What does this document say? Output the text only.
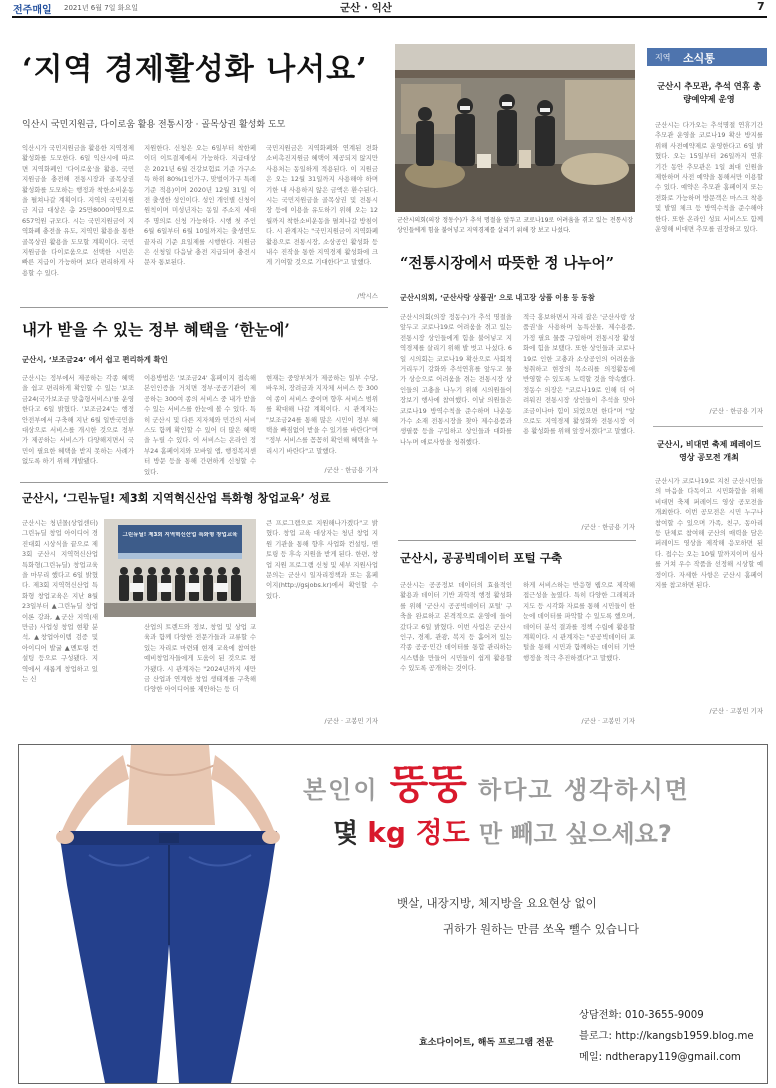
전주매일 2021년 6월 7일 화요일	군산 · 익산	7
‘지역 경제활성화 나서요’
익산시 국민지원금, 다이로움 활용 전통시장 · 골목상권 활성화 도모
익산시가 국민지원금을 활용한 지역경제 활성화를 도모한다. 6일 익산시에 따르면 지역화폐인 '다이로움'을 활용, 국민지원금을 충전해 전통시장과 골목상권 활성화를 도모하는 행정과 착한소비운동을 펼쳐나갈 계획이다. 지역의 국민지원금 지급 대상은 총 25만8000여명으로 657억원 규모다. 시는 국민지원금이 지역화폐 충전을 유도, 지역민 활용을 통한 골목상권 활용을 도모할 계획이다. 국민지원금을 다이로움으로 선택한 시민은 빠른 지급이 가능하며 보다 편리하게 사용할 수 있다.
지원한다. 신청은 오는 6일부터 착한페이더 이트결제에서 가능하다. 지급대상은 2021년 6월 건강보험료 기준 가구소득 하위 80%(1인가구, 맞벌이가구 특례기준 적용)이며 2020년 12월 31일 이전 출생한 성인이다. 성인 개인별 신청이 원칙이며 미성년자는 동일 주소지 세대주 명의로 신청 가능하다. 시행 첫 주인 6월 6일부터 6월 10일까지는 출생연도 끝자리 기준 요일제를 시행한다. 지원금은 신청일 다음날 충전 지급되며 충전시 문자 통보된다.
국민지원금은 지역화폐와 연계된 전화 소비촉진지원금 혜택이 제공되지 않지만 사용처는 동일하게 적용된다. 이 지원금은 오는 12월 31일까지 사용해야 하며 기한 내 사용하지 않은 금액은 환수된다. 시는 국민지원금을 골목상권 및 전통시장 등에 이용을 유도하기 위해 오는 12월까지 착한소비운동을 펼쳐나갈 방침이다. 시 관계자는 "국민지원금이 지역화폐 활용으로 전통시장, 소상공인 활성화 등 내수 진작을 통한 지역경제 활성화에 크게 기여할 것으로 기대한다"고 말했다.
/박시스
군산시의회(의장 정동수)가 추석 명절을 앞두고 코로나19로 어려움을 겪고 있는 전통시장 상인들에게 힘을 불어넣고 지역경제를 살리기 위해 장 보고 나섰다.
“전통시장에서 따뜻한 정 나누어”
군산시의회, ‘군산사랑 상품권’ 으로 내고장 상품 이용 등 동참
군산시의회(의장 정동수)가 추석 명절을 앞두고 코로나19로 어려움을 겪고 있는 전통시장 상인들에게 힘을 불어넣고 지역경제를 살리기 위해 발 벗고 나섰다. 6일 시의회는 코로나19 확산으로 사회적 거리두기 강화와 추석연휴를 앞두고 물가 상승으로 어려움을 겪는 전통시장 상인들의 고충을 나누기 위해 시의원들이 장보기 행사에 참여했다. 이날 의원들은 코로나19 방역수칙을 준수하며 나운동 가수 소재 전통시장을 찾아 제수용품과 생필품 등을 구입하고 상인들과 대화를 나누며 애로사항을 청취했다.
적극 홍보하면서 자리 잡은 '군산사랑 상품권'을 사용하며 농특산물, 제수용품, 가정 필요 물품 구입하며 전통시장 활성화에 힘을 보탰다. 또한 상인들과 코로나19로 인한 고충과 소상공인의 어려움을 청취하고 현장의 목소리를 의정활동에 반영할 수 있도록 노력할 것을 약속했다. 정동수 의장은 "코로나19로 인해 더 어려워진 전통시장 상인들이 추석을 맞아 조금이나마 힘이 되었으면 한다"며 "앞으로도 지역경제 활성화와 전통시장 이용 활성화를 위해 앞장서겠다"고 말했다.
/군산 · 한금용 기자
내가 받을 수 있는 정부 혜택을 ‘한눈에’
군산시, ‘보조금24’ 에서 쉽고 편리하게 확인
군산시는 정부에서 제공하는 각종 혜택을 쉽고 편리하게 확인할 수 있는 '보조금24(국가보조금 맞춤형서비스)'를 운영한다고 6일 밝혔다. '보조금24'는 행정안전부에서 구축해 지난 6월 일반국민을 대상으로 서비스를 개시한 것으로 정부가 제공하는 서비스가 다양해지면서 국민이 필요한 혜택을 받지 못하는 사례가 없도록 하기 위해 개발됐다.
이용방법은 '보조금24' 홈페이지 접속해 본인인증을 거치면 정부·공공기관이 제공하는 300여 종의 서비스 중 내가 받을 수 있는 서비스를 한눈에 볼 수 있다. 특히 군산시 및 다른 지자체와 민간의 서비스도 함께 확인할 수 있어 더 많은 혜택을 누릴 수 있다. 이 서비스는 온라인 정부24 홈페이지와 모바일 앱, 행정복지센터 방문 등을 통해 간편하게 신청할 수 있다.
현재는 중앙부처가 제공하는 일부 수당, 바우처, 장려금과 지자체 서비스 등 300여 종이 서비스 중이며 향후 서비스 범위를 확대해 나갈 계획이다. 시 관계자는 "보조금24를 통해 많은 시민이 정부 혜택을 빠짐없이 받을 수 있기를 바란다"며 "정부 서비스를 꼼꼼히 확인해 혜택을 누리시기 바란다"고 말했다.
/군산 · 한금용 기자
군산시, ‘그린뉴딜! 제3회 지역혁신산업 특화형 창업교육’ 성료
군산시는 청년몰(상업센터) 그린뉴딜 창업 아이디어 경진대회 시상식을 끝으로 제3회 군산시 지역혁신산업 특화형(그린뉴딜) 창업교육을 마무리 했다고 6일 밝혔다. 제3회 지역혁신산업 특화형 창업교육은 지난 8월 23일부터 ▲그린뉴딜 창업이론 강좌, ▲군산 지역(새만금) 사업성 창업 현황 분석, ▲창업아이템 검증 및 아이디어 발굴 ▲멘토링 컨설팅 등으로 구성됐다. 지역에서 새롭게 창업하고 있는 신
그린뉴딜! 제3회 지역혁신산업 특화형 창업교육
산업의 트렌드와 정보, 창업 및 상업 교육과 함께 다양한 전문가들과 교류할 수 있는 자리로 마련돼 현재 교육에 참여한 예비창업자들에게 도움이 된 것으로 평가됐다. 시 관계자는 "2024년까지 새만금 산업과 연계한 창업 생태계를 구축해 다양한 아이디어를 제안하는 등 더
큰 프로그램으로 지원해나가겠다"고 밝혔다. 창업 교육 대상자는 청년 창업 지원 기관을 통해 향후 사업화 컨설팅, 멘토링 등 후속 지원을 받게 된다. 한편, 창업 지원 프로그램 신청 및 세부 지원사업 문의는 군산시 일자리정책과 또는 홈페이지(http://gsjobs.kr)에서 확인할 수 있다.
/군산 · 고봉민 기자
군산시, 공공빅데이터 포털 구축
군산시는 공공정보 데이터의 효율적인 활용과 데이터 기반 과학적 행정 활성화를 위해 '군산시 공공빅데이터 포털' 구축을 완료하고 본격적으로 운영에 들어갔다고 6일 밝혔다. 이번 사업은 군산시 인구, 경제, 관광, 복지 등 흩어져 있는 각종 공공·민간 데이터를 통합 관리하는 시스템을 만들어 시민들이 쉽게 활용할 수 있도록 공개하는 것이다.
하게 서비스하는 반응형 웹으로 제작해 접근성을 높였다. 특히 다양한 그래픽과 지도 등 시각화 자료를 통해 시민들이 한눈에 데이터를 파악할 수 있도록 했으며, 데이터 분석 결과를 정책 수립에 활용할 계획이다. 시 관계자는 "공공빅데이터 포털을 통해 시민과 함께하는 데이터 기반 행정을 적극 추진하겠다"고 말했다.
/군산 · 고봉민 기자
지역 소식통
군산시 추모관, 추석 연휴 총량예약제 운영
군산시는 다가오는 추석명절 연휴기간 추모관 운영을 코로나19 확산 방지를 위해 사전예약제로 운영한다고 6일 밝혔다. 오는 15일부터 26일까지 연휴 기간 동안 추모관은 1일 최대 인원을 제한하며 사전 예약을 통해서만 이용할 수 있다. 예약은 추모관 홈페이지 또는 전화로 가능하며 방문객은 마스크 착용 및 발열 체크 등 방역수칙을 준수해야 한다. 또한 온라인 성묘 서비스도 함께 운영해 비대면 추모를 권장하고 있다.
/군산 · 한금용 기자
군산시, 비대면 축제 페레이드 영상 공모전 개최
군산시가 코로나19로 지친 군산시민들의 마음을 다독이고 시민화합을 위해 비대면 축제 퍼레이드 영상 공모전을 개최한다. 이번 공모전은 시민 누구나 참여할 수 있으며 가족, 친구, 동아리 등 단체로 참여해 군산의 매력을 담은 퍼레이드 영상을 제작해 응모하면 된다. 접수는 오는 10월 말까지이며 심사를 거쳐 우수 작품을 선정해 시상할 예정이다. 자세한 사항은 군산시 홈페이지를 참고하면 된다.
/군산 · 고봉민 기자
본인이 뚱뚱 하다고 생각하시면
몇 kg 정도 만 빼고 싶으세요?
뱃살, 내장지방, 체지방을 요요현상 없이
귀하가 원하는 만큼 쏘옥 뺄수 있습니다
효소다이어트, 해독 프로그램 전문
상담전화: 010-3655-9009
블로그: http://kangsb1959.blog.me
메일: ndtherapy119@gmail.com
